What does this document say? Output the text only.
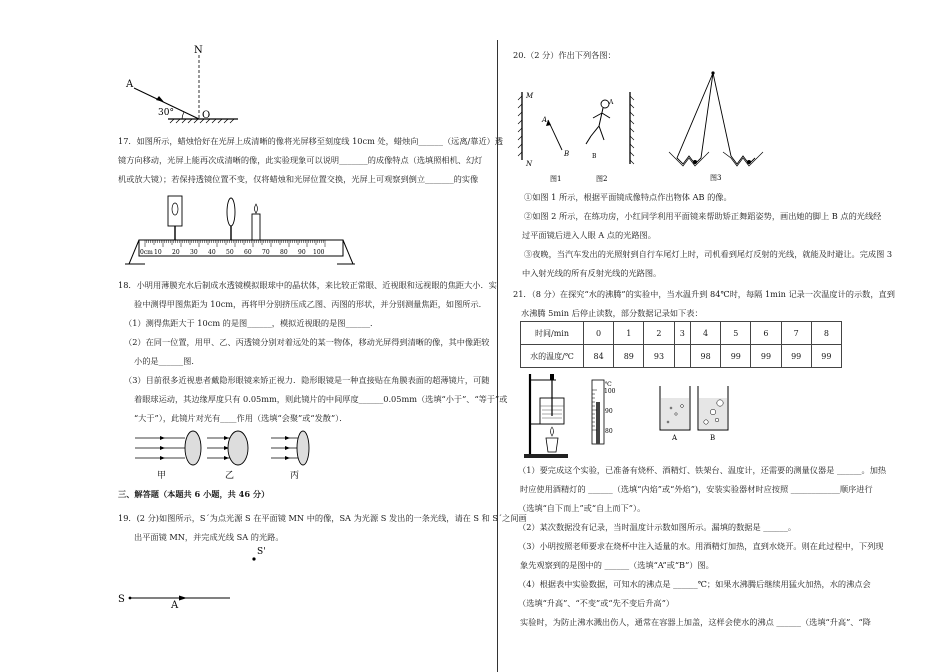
N
A
O
30°
17．如图所示，蜡烛恰好在光屏上成清晰的像将光屏移至刻度线 10cm 处，蜡烛向______（远离/靠近）透
镜方向移动，光屏上能再次成清晰的像，此实验现象可以说明_______的成像特点（选填照相机、幻灯
机或放大镜）；若保持透镜位置不变，仅将蜡烛和光屏位置交换，光屏上可观察到倒立_______的实像
0cm 10 20 30 40 50 60 70 80 90 100
18．小明用薄膜充水后制成水透镜模拟眼球中的晶状体，来比较正常眼、近视眼和远视眼的焦距大小．实
验中测得甲图焦距为 10cm，再将甲分别挤压成乙图、丙图的形状，并分别测量焦距，如图所示．
（1）测得焦距大于 10cm 的是图______，模拟近视眼的是图______．
（2）在同一位置，用甲、乙、丙透镜分别对着远处的某一物体，移动光屏得到清晰的像，其中像距较
小的是______图．
（3）目前很多近视患者戴隐形眼镜来矫正视力．隐形眼镜是一种直接贴在角膜表面的超薄镜片，可随
着眼球运动，其边缘厚度只有 0.05mm，则此镜片的中间厚度______0.05mm（选填“小于”、“等于”或
“大于”），此镜片对光有____作用（选填“会聚”或“发散”）．
甲	乙	丙
三、解答题（本题共 6 小题，共 46 分）
19．(2 分)如图所示，S´为点光源 S 在平面镜 MN 中的像，SA 为光源 S 发出的一条光线，请在 S 和 S´之间画
出平面镜 MN，并完成光线 SA 的光路。
S'
S
A
20.（2 分）作出下列各图：
M
N
A
B
图1
A
B
图2	图3
①如图 1 所示，根据平面镜成像特点作出物体 AB 的像。
②如图 2 所示，在练功房，小红同学利用平面镜来帮助矫正舞蹈姿势，画出她的脚上 B 点的光线经
过平面镜后进入人眼 A 点的光路图。
③夜晚，当汽车发出的光照射到自行车尾灯上时，司机看到尾灯反射的光线，就能及时避让。完成图 3
中入射光线的所有反射光线的光路图。
21．（8 分）在探究“水的沸腾”的实验中，当水温升到 84℃时，每隔 1min 记录一次温度计的示数，直到
水沸腾 5min 后停止读数，部分数据记录如下表：
时间/min	0	1	2	3	4	5	6	7	8
水的温度/℃	84	89	93		98	99	99	99	99
℃
100
90
80
A	B
（1）要完成这个实验，已准备有烧杯、酒精灯、铁架台、温度计，还需要的测量仪器是 ______。加热
时应使用酒精灯的 ______（选填“内焰”或“外焰”)，安装实验器材时应按照 ____________顺序进行
（选填“自下而上”或“自上而下”）。
（2）某次数据没有记录，当时温度计示数如图所示。漏填的数据是 ______。
（3）小明按照老师要求在烧杯中注入适量的水。用酒精灯加热，直到水烧开。则在此过程中，下列现
象先观察到的是图中的 ______（选填“A”或“B”）图。
（4）根据表中实验数据，可知水的沸点是 ______℃；如果水沸腾后继续用猛火加热，水的沸点会
（选填“升高”、“不变”或“先不变后升高”）
实验时，为防止沸水溅出伤人，通常在容器上加盖，这样会使水的沸点 ______（选填“升高”、“降
